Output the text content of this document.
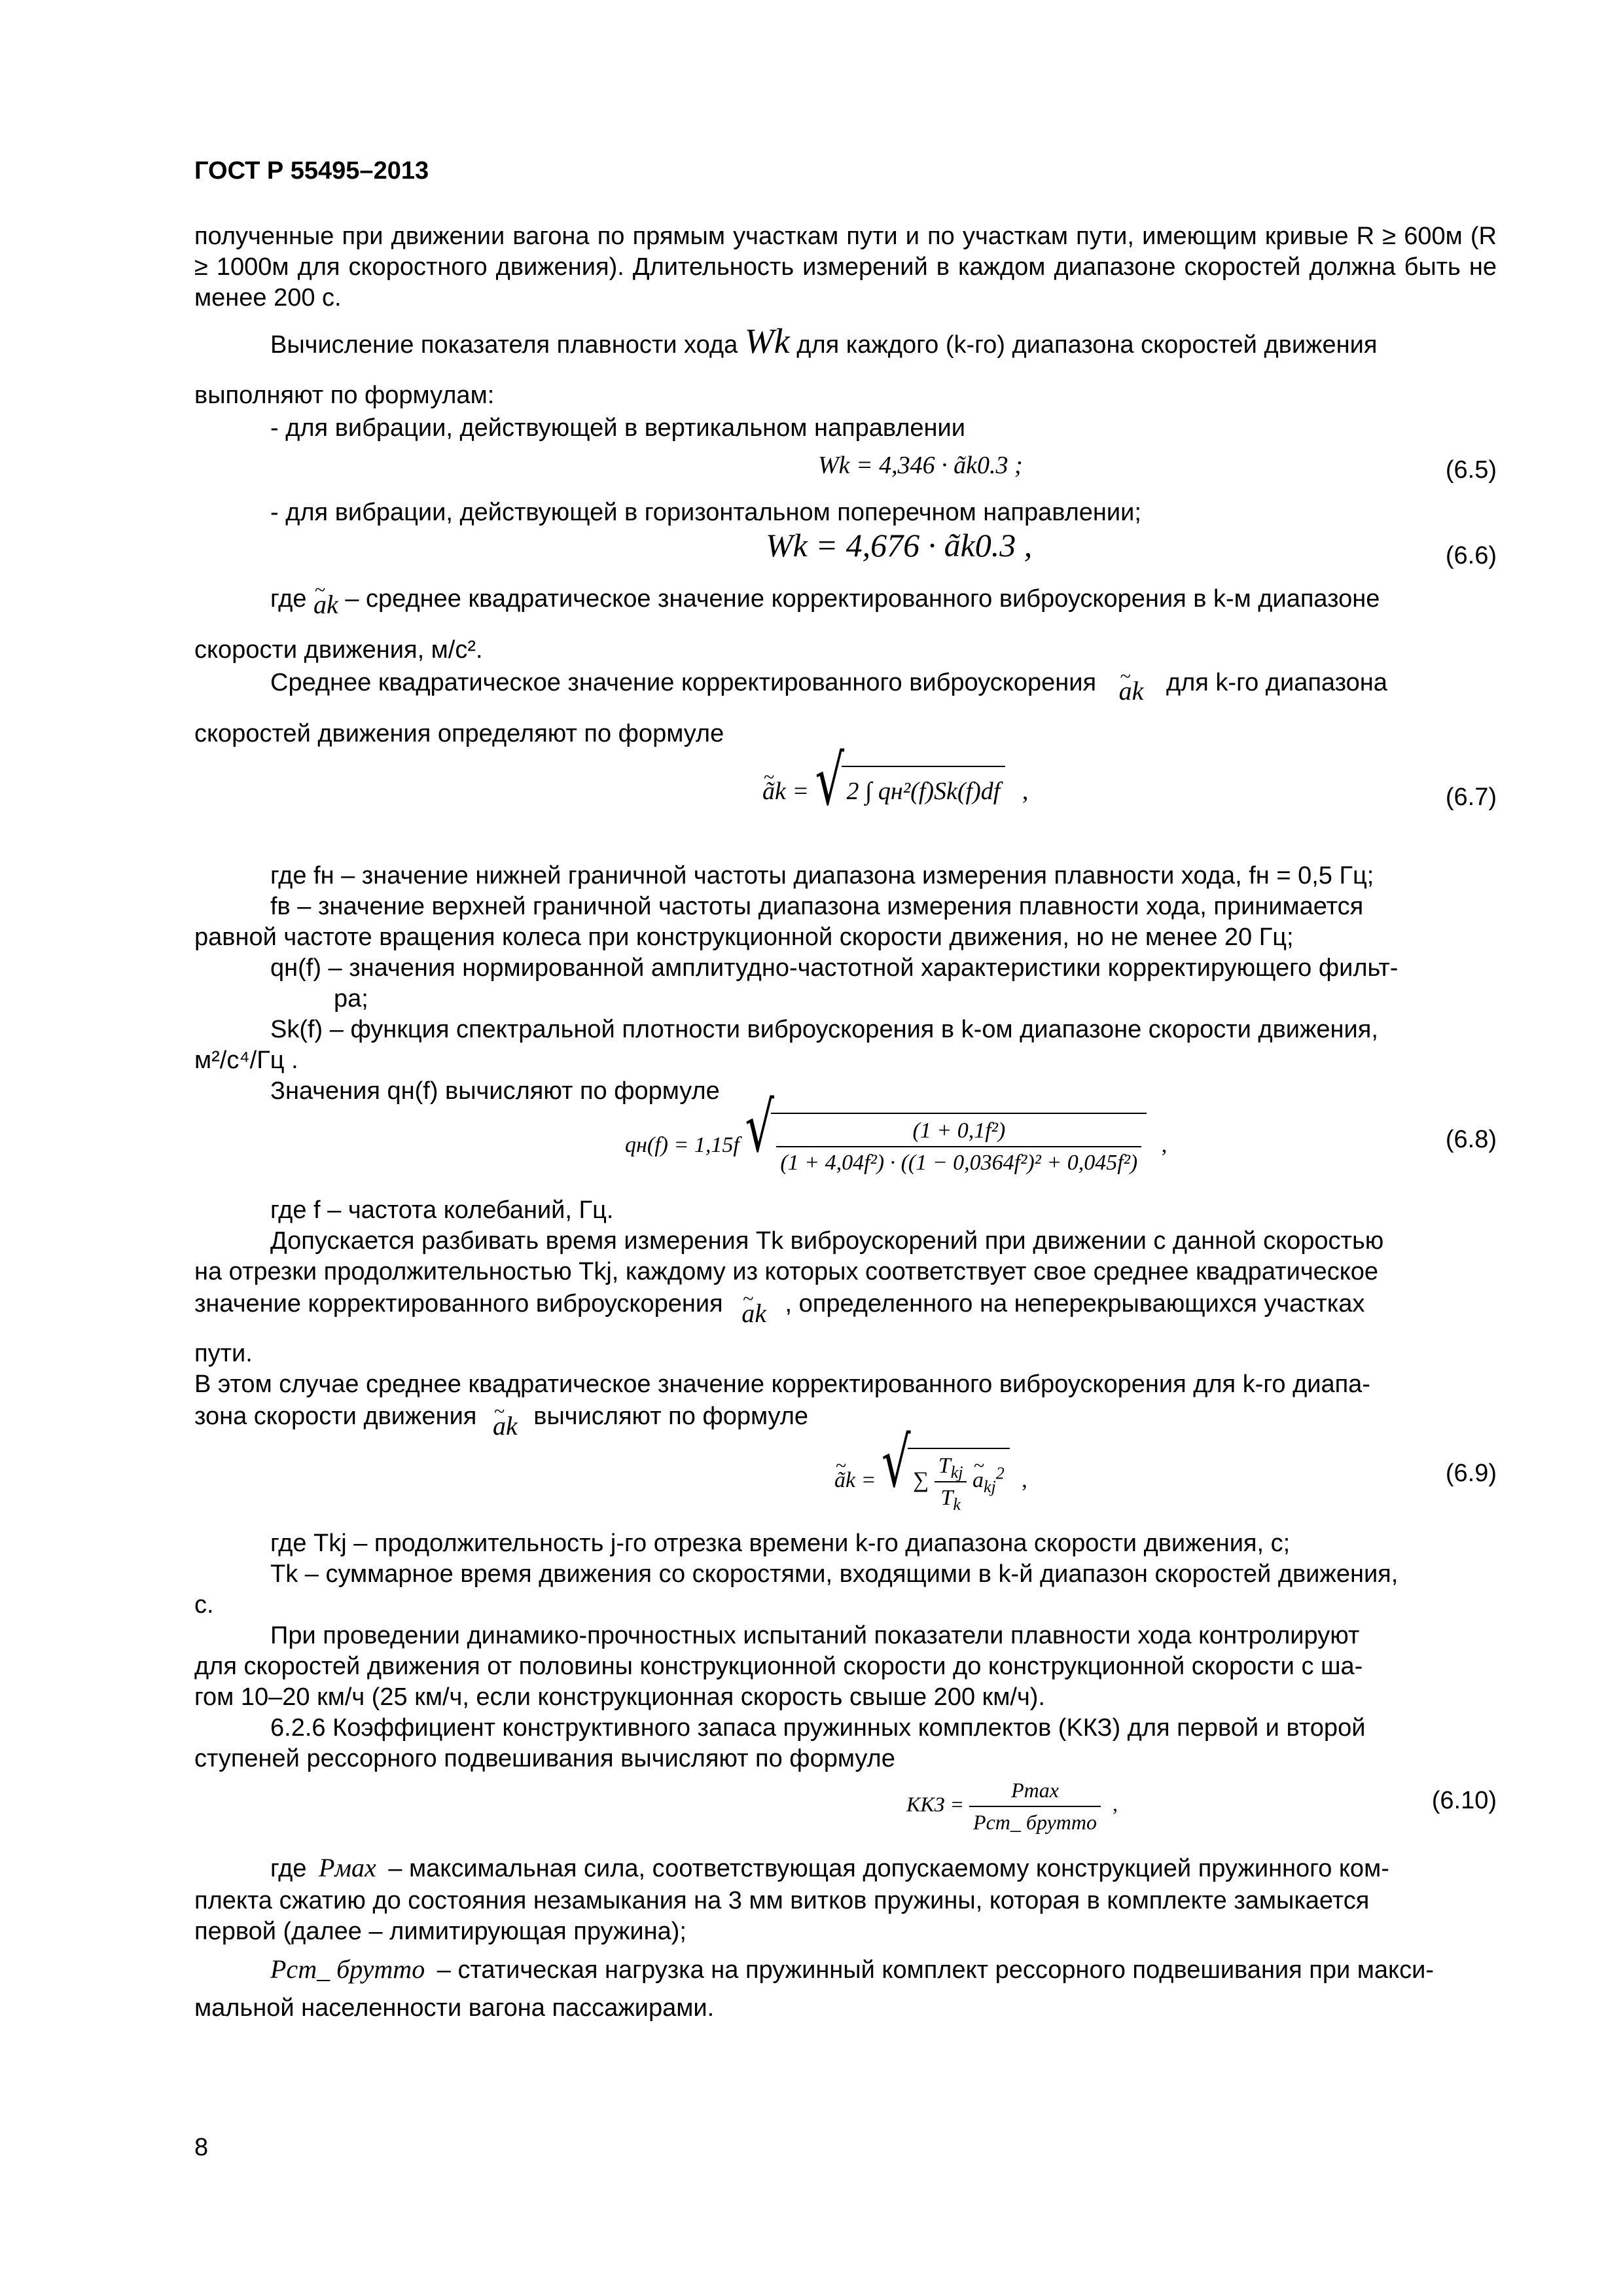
ГОСТ Р 55495–2013
полученные при движении вагона по прямым участкам пути и по участкам пути, имеющим кривые R ≥ 600м (R ≥ 1000м для скоростного движения). Длительность измерений в каждом диапазоне скоростей должна быть не менее 200 с.
Вычисление показателя плавности хода Wk для каждого (k-го) диапазона скоростей движения
выполняют по формулам:
- для вибрации, действующей в вертикальном направлении
Wk = 4,346 · ãk0.3 ;	(6.5)
- для вибрации, действующей в горизонтальном поперечном направлении;
Wk = 4,676 · ãk0.3 ,	(6.6)
где ~ ak – среднее квадратическое значение корректированного виброускорения в k-м диапазоне
скорости движения, м/с².
Среднее квадратическое значение корректированного виброускорения ~ ak для k-го диапазона
скоростей движения определяют по формуле
~ ãk = √ 2 ∫ qн²(f)Sk(f)df ,	(6.7)
где fн – значение нижней граничной частоты диапазона измерения плавности хода, fн = 0,5 Гц;
fв – значение верхней граничной частоты диапазона измерения плавности хода, принимается
равной частоте вращения колеса при конструкционной скорости движения, но не менее 20 Гц;
qн(f) – значения нормированной амплитудно-частотной характеристики корректирующего фильт-
ра;
Sk(f) – функция спектральной плотности виброускорения в k-ом диапазоне скорости движения,
м²/с⁴/Гц .
Значения qн(f) вычисляют по формуле
qн(f) = 1,15f √ $\frac{\text{(1 + 0,1f²)}}{\text{(1 + 4,04f²) · ((1 − 0,0364f²)² + 0,045f²)}}$ ,	(6.8)
где f – частота колебаний, Гц.
Допускается разбивать время измерения Tk виброускорений при движении с данной скоростью
на отрезки продолжительностью Tkj, каждому из которых соответствует свое среднее квадратическое
значение корректированного виброускорения ~ ak , определенного на неперекрывающихся участках
пути.
В этом случае среднее квадратическое значение корректированного виброускорения для k-го диапа-
зона скорости движения ~ ak вычисляют по формуле
~ ãk = √ ∑ $\frac{T_{kj}}{T_k}$ ~ $a_{kj}^2$ ,	(6.9)
где Tkj – продолжительность j-го отрезка времени k-го диапазона скорости движения, с;
Tk – суммарное время движения со скоростями, входящими в k-й диапазон скоростей движения,
с.
При проведении динамико-прочностных испытаний показатели плавности хода контролируют
для скоростей движения от половины конструкционной скорости до конструкционной скорости с ша-
гом 10–20 км/ч (25 км/ч, если конструкционная скорость свыше 200 км/ч).
6.2.6 Коэффициент конструктивного запаса пружинных комплектов (KКЗ) для первой и второй
ступеней рессорного подвешивания вычисляют по формуле
KКЗ = $\frac{Pmax}{\text{Pст\_ брутто}}$ ,	(6.10)
где Pмах – максимальная сила, соответствующая допускаемому конструкцией пружинного ком-
плекта сжатию до состояния незамыкания на 3 мм витков пружины, которая в комплекте замыкается
первой (далее – лимитирующая пружина);
Pст_ брутто – статическая нагрузка на пружинный комплект рессорного подвешивания при макси-
мальной населенности вагона пассажирами.
8
